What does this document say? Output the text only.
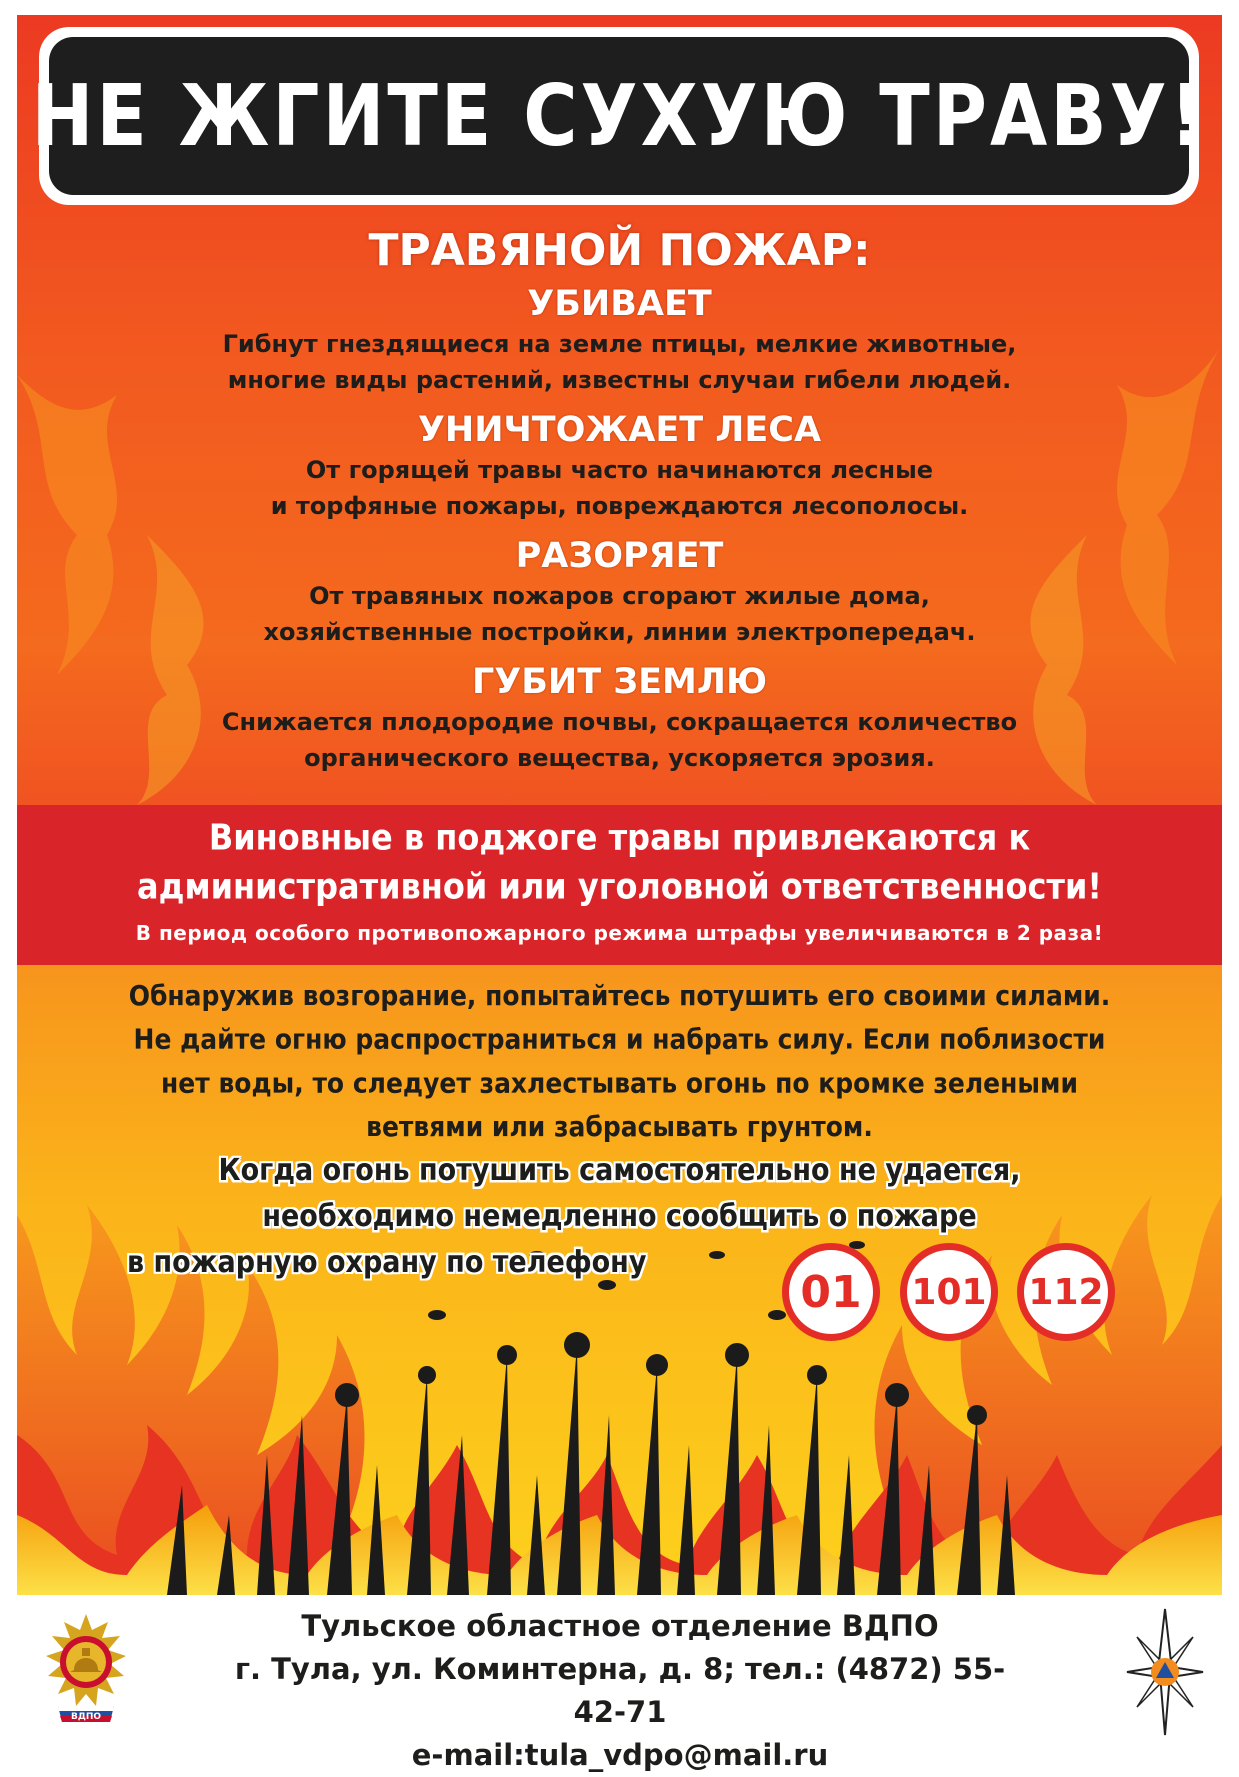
НЕ ЖГИТЕ СУХУЮ ТРАВУ!
ТРАВЯНОЙ ПОЖАР:
УБИВАЕТ
Гибнут гнездящиеся на земле птицы, мелкие животные,
многие виды растений, известны случаи гибели людей.
УНИЧТОЖАЕТ ЛЕСА
От горящей травы часто начинаются лесные
и торфяные пожары, повреждаются лесополосы.
РАЗОРЯЕТ
От травяных пожаров сгорают жилые дома,
хозяйственные постройки, линии электропередач.
ГУБИТ ЗЕМЛЮ
Снижается плодородие почвы, сокращается количество
органического вещества, ускоряется эрозия.
Виновные в поджоге травы привлекаются к
административной или уголовной ответственности!
В период особого противопожарного режима штрафы увеличиваются в 2 раза!
Обнаружив возгорание, попытайтесь потушить его своими силами.
Не дайте огню распространиться и набрать силу. Если поблизости
нет воды, то следует захлестывать огонь по кромке зелеными
ветвями или забрасывать грунтом.
Когда огонь потушить самостоятельно не удается,
необходимо немедленно сообщить о пожаре
в пожарную охрану по телефону
01	101	112
ВДПО
Тульское областное отделение ВДПО
г. Тула, ул. Коминтерна, д. 8; тел.: (4872) 55-42-71
e-mail:tula_vdpo@mail.ru
